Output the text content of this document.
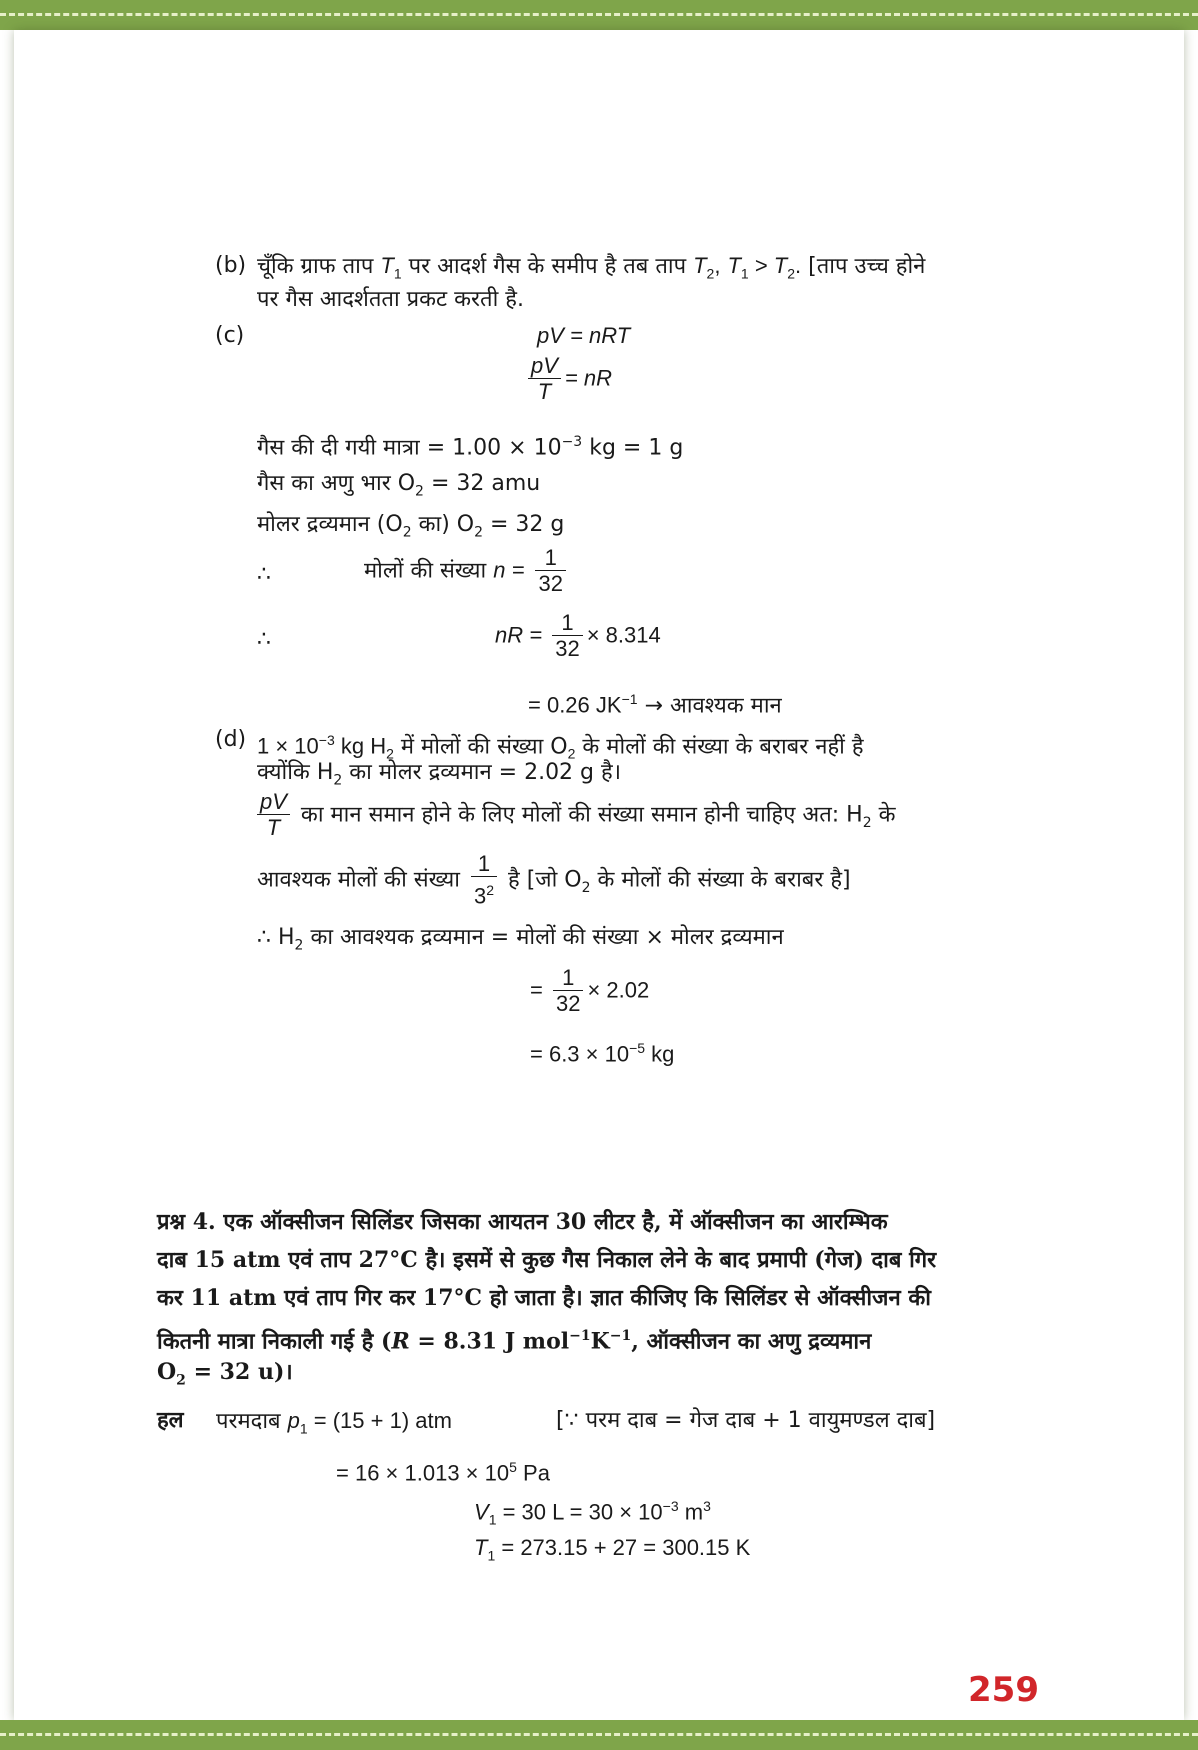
(b) चूँकि ग्राफ ताप $T_1$ पर आदर्श गैस के समीप है तब ताप $T_2$, $T_1 > T_2$. [ताप उच्च होने
पर गैस आदर्शतता प्रकट करती है.
(c)	pV = nRT
$\frac{pV}{T}$ = nR
गैस की दी गयी मात्रा = $1.00 \times 10^{-3}$ kg = 1 g
गैस का अणु भार $O_2 = 32$ amu
मोलर द्रव्यमान ($O_2$ का) $O_2 = 32$ g
∴	मोलों की संख्या $n = \frac{1}{32}$
∴	nR = $\frac{1}{32} \times 8.314$
= 0.26 $JK^{-1}$ → आवश्यक मान
(d) $1 \times 10^{-3}$ kg $H_2$ में मोलों की संख्या $O_2$ के मोलों की संख्या के बराबर नहीं है
क्योंकि $H_2$ का मोलर द्रव्यमान = 2.02 g है।
$\frac{pV}{T}$ का मान समान होने के लिए मोलों की संख्या समान होनी चाहिए अत: $H_2$ के
आवश्यक मोलों की संख्या $\frac{1}{3^2}$ है [जो $O_2$ के मोलों की संख्या के बराबर है]
∴ $H_2$ का आवश्यक द्रव्यमान = मोलों की संख्या × मोलर द्रव्यमान
= $\frac{1}{32} \times 2.02$
= $6.3 \times 10^{-5}$ kg
प्रश्न 4. एक ऑक्सीजन सिलिंडर जिसका आयतन 30 लीटर है, में ऑक्सीजन का आरम्भिक
दाब 15 atm एवं ताप 27°C है। इसमें से कुछ गैस निकाल लेने के बाद प्रमापी (गेज) दाब गिर
कर 11 atm एवं ताप गिर कर 17°C हो जाता है। ज्ञात कीजिए कि सिलिंडर से ऑक्सीजन की
कितनी मात्रा निकाली गई है (R = 8.31 J $mol^{-1}K^{-1}$, ऑक्सीजन का अणु द्रव्यमान
$O_2 = 32$ u)।
हल परमदाब $p_1 = (15 + 1)$ atm	[∵ परम दाब = गेज दाब + 1 वायुमण्डल दाब]
= $16 \times 1.013 \times 10^5$ Pa
$V_1 = 30$ $L = 30 \times 10^{-3}$ $m^3$
$T_1 = 273.15 + 27 = 300.15$ K
259
